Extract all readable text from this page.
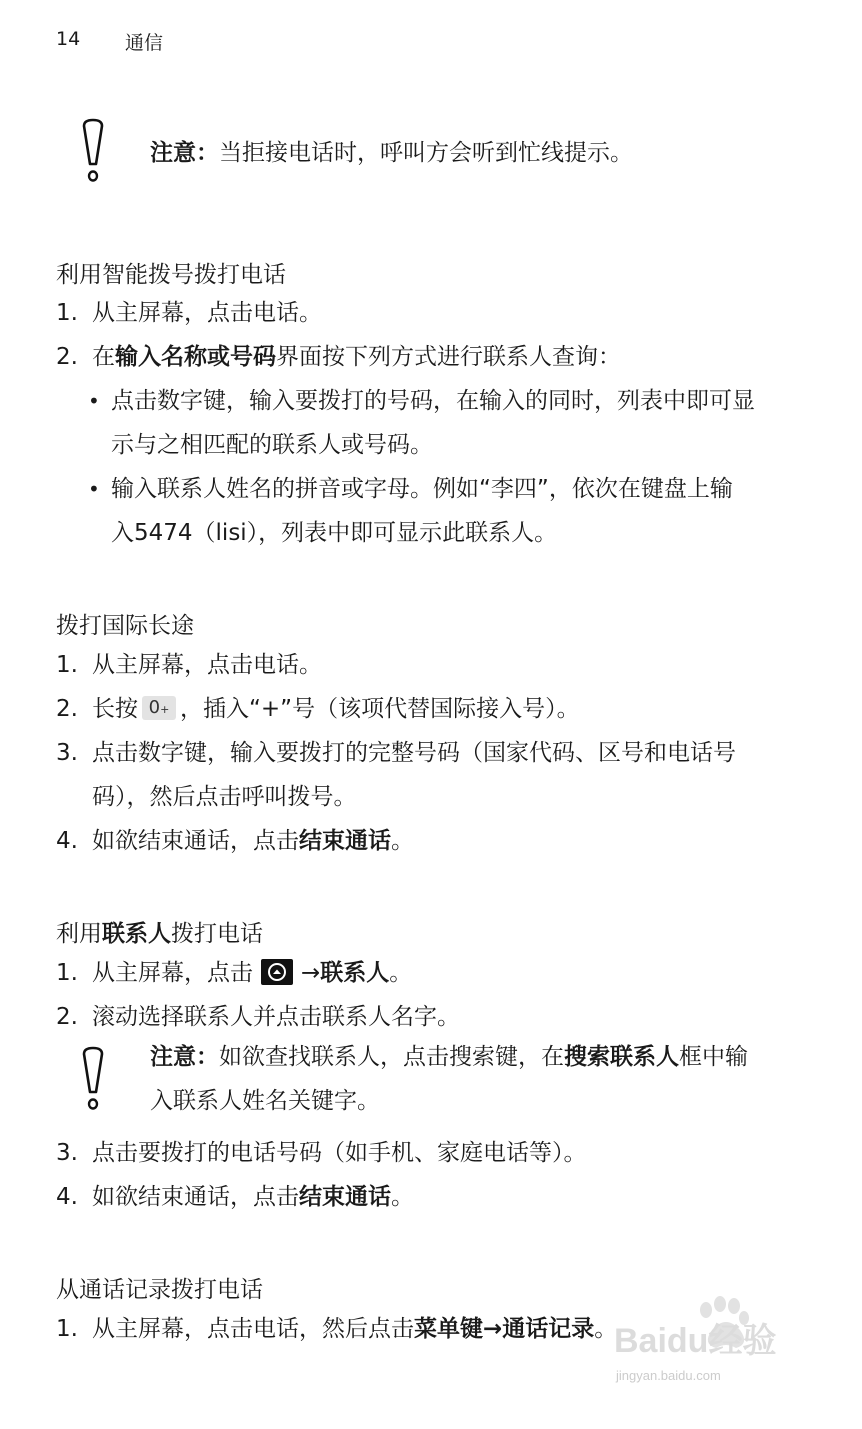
14 通信
注意：当拒接电话时，呼叫方会听到忙线提示。
利用智能拨号拨打电话
1. 从主屏幕，点击电话。
2. 在输入名称或号码界面按下列方式进行联系人查询：
• 点击数字键，输入要拨打的号码，在输入的同时，列表中即可显
示与之相匹配的联系人或号码。
• 输入联系人姓名的拼音或字母。例如“李四”，依次在键盘上输
入5474（lisi），列表中即可显示此联系人。
拨打国际长途
1. 从主屏幕，点击电话。
2. 长按 0+ ，插入“+”号（该项代替国际接入号）。
3. 点击数字键，输入要拨打的完整号码（国家代码、区号和电话号
码），然后点击呼叫拨号。
4. 如欲结束通话，点击结束通话。
利用联系人拨打电话
1. 从主屏幕，点击 →联系人。
2. 滚动选择联系人并点击联系人名字。
注意：如欲查找联系人，点击搜索键，在搜索联系人框中输
入联系人姓名关键字。
3. 点击要拨打的电话号码（如手机、家庭电话等）。
4. 如欲结束通话，点击结束通话。
从通话记录拨打电话
1. 从主屏幕，点击电话，然后点击菜单键→通话记录。
Baidu经验
jingyan.baidu.com
